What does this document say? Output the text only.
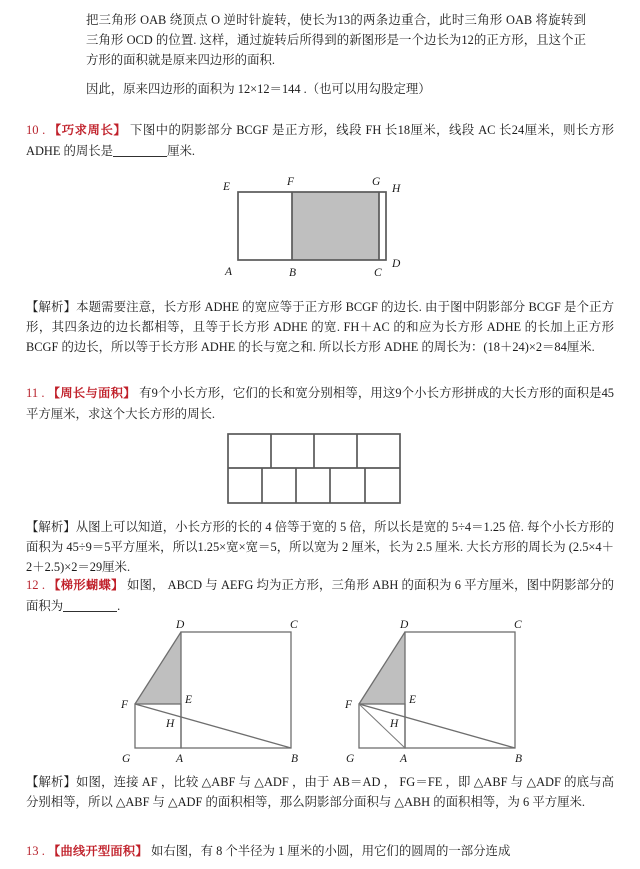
把三角形 OAB 绕顶点 O 逆时针旋转，使长为13的两条边重合，此时三角形 OAB 将旋转到三角形 OCD 的位置. 这样，通过旋转后所得到的新图形是一个边长为12的正方形，且这个正方形的面积就是原来四边形的面积.
因此，原来四边形的面积为 12×12＝144 .（也可以用勾股定理）
10 . 【巧求周长】 下图中的阴影部分 BCGF 是正方形，线段 FH 长18厘米，线段 AC 长24厘米，则长方形 ADHE 的周长是	厘米.
E	F	G
H
A	B	C
D
【解析】本题需要注意，长方形 ADHE 的宽应等于正方形 BCGF 的边长. 由于图中阴影部分 BCGF 是个正方形，其四条边的边长都相等，且等于长方形 ADHE 的宽. FH＋AC 的和应为长方形 ADHE 的长加上正方形 BCGF 的边长，所以等于长方形 ADHE 的长与宽之和. 所以长方形 ADHE 的周长为：(18＋24)×2＝84厘米.
11 . 【周长与面积】 有9个小长方形，它们的长和宽分别相等，用这9个小长方形拼成的大长方形的面积是45平方厘米，求这个大长方形的周长.
【解析】从图上可以知道，小长方形的长的 4 倍等于宽的 5 倍，所以长是宽的 5÷4＝1.25 倍. 每个小长方形的面积为 45÷9＝5平方厘米，所以1.25×宽×宽＝5，所以宽为 2 厘米，长为 2.5 厘米. 大长方形的周长为 (2.5×4＋2＋2.5)×2＝29厘米.
12 . 【梯形蝴蝶】 如图， ABCD 与 AEFG 均为正方形，三角形 ABH 的面积为 6 平方厘米，图中阴影部分的面积为	.
D	C
F	E
H
G	A	B
D	C
F	E
H
G	A	B
【解析】如图，连接 AF ，比较 △ABF 与 △ADF ，由于 AB＝AD ， FG＝FE ，即 △ABF 与 △ADF 的底与高分别相等，所以 △ABF 与 △ADF 的面积相等，那么阴影部分面积与 △ABH 的面积相等，为 6 平方厘米.
13 . 【曲线开型面积】 如右图，有 8 个半径为 1 厘米的小圆，用它们的圆周的一部分连成
